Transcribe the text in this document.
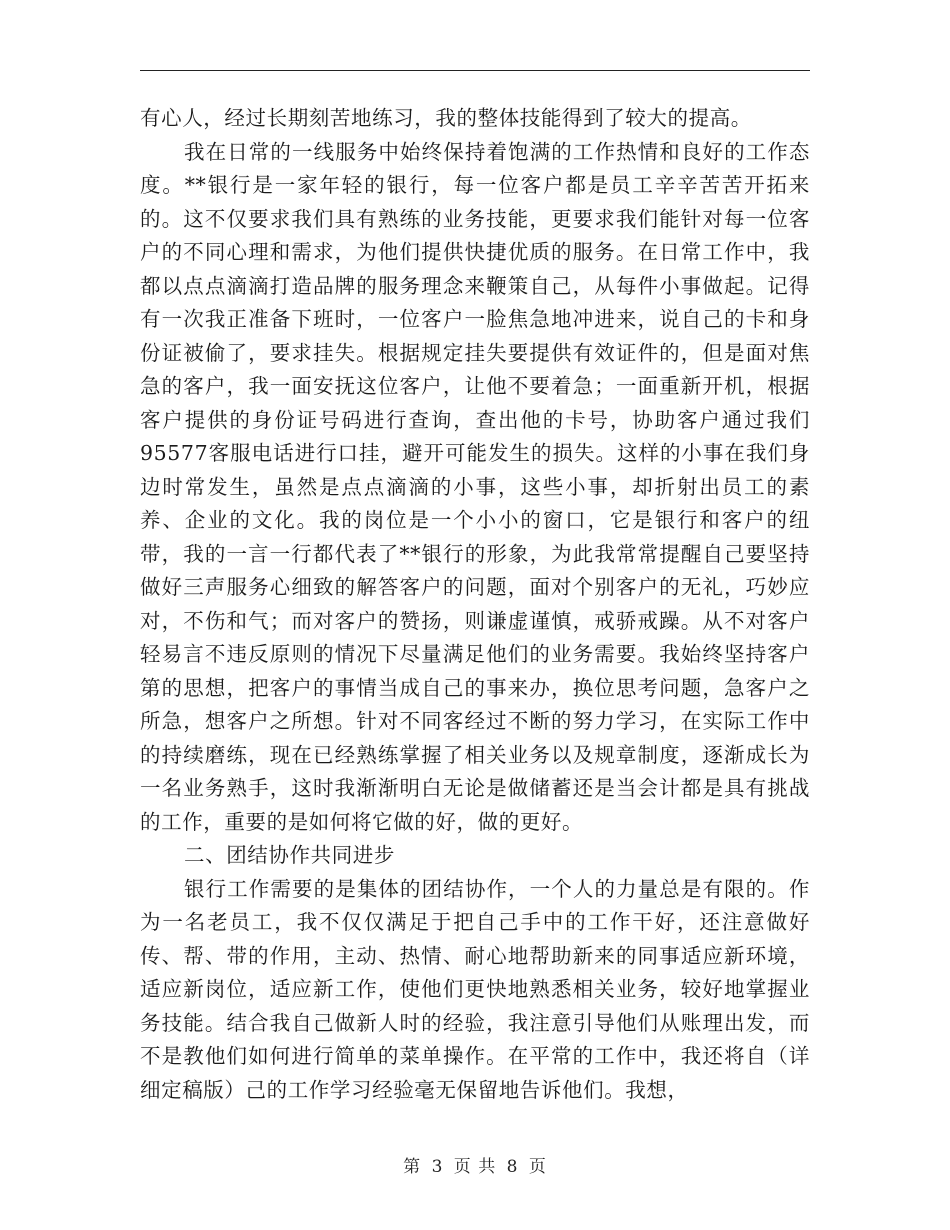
有心人，经过长期刻苦地练习，我的整体技能得到了较大的提高。

我在日常的一线服务中始终保持着饱满的工作热情和良好的工作态度。**银行是一家年轻的银行，每一位客户都是员工辛辛苦苦开拓来的。这不仅要求我们具有熟练的业务技能，更要求我们能针对每一位客户的不同心理和需求，为他们提供快捷优质的服务。在日常工作中，我都以点点滴滴打造品牌的服务理念来鞭策自己，从每件小事做起。记得有一次我正准备下班时，一位客户一脸焦急地冲进来，说自己的卡和身份证被偷了，要求挂失。根据规定挂失要提供有效证件的，但是面对焦急的客户，我一面安抚这位客户，让他不要着急；一面重新开机，根据客户提供的身份证号码进行查询，查出他的卡号，协助客户通过我们95577客服电话进行口挂，避开可能发生的损失。这样的小事在我们身边时常发生，虽然是点点滴滴的小事，这些小事，却折射出员工的素养、企业的文化。我的岗位是一个小小的窗口，它是银行和客户的纽带，我的一言一行都代表了**银行的形象，为此我常常提醒自己要坚持做好三声服务心细致的解答客户的问题，面对个别客户的无礼，巧妙应对，不伤和气；而对客户的赞扬，则谦虚谨慎，戒骄戒躁。从不对客户轻易言不违反原则的情况下尽量满足他们的业务需要。我始终坚持客户第的思想，把客户的事情当成自己的事来办，换位思考问题，急客户之所急，想客户之所想。针对不同客经过不断的努力学习，在实际工作中的持续磨练，现在已经熟练掌握了相关业务以及规章制度，逐渐成长为一名业务熟手，这时我渐渐明白无论是做储蓄还是当会计都是具有挑战的工作，重要的是如何将它做的好，做的更好。

二、团结协作共同进步

银行工作需要的是集体的团结协作，一个人的力量总是有限的。作为一名老员工，我不仅仅满足于把自己手中的工作干好，还注意做好传、帮、带的作用，主动、热情、耐心地帮助新来的同事适应新环境，适应新岗位，适应新工作，使他们更快地熟悉相关业务，较好地掌握业务技能。结合我自己做新人时的经验，我注意引导他们从账理出发，而不是教他们如何进行简单的菜单操作。在平常的工作中，我还将自（详细定稿版）己的工作学习经验毫无保留地告诉他们。我想，

第 3 页 共 8 页
